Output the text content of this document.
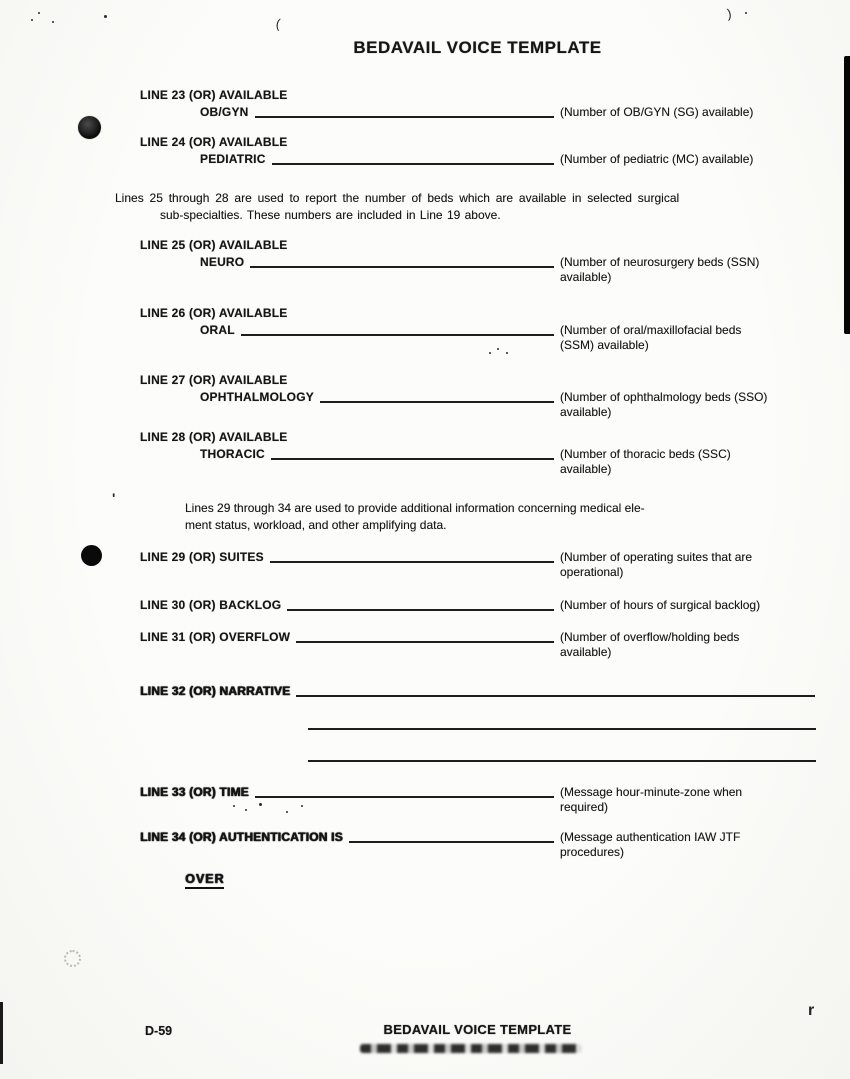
BEDAVAIL VOICE TEMPLATE
LINE 23 (OR) AVAILABLE
OB/GYN	(Number of OB/GYN (SG) available)
LINE 24 (OR) AVAILABLE
PEDIATRIC	(Number of pediatric (MC) available)
Lines 25 through 28 are used to report the number of beds which are available in selected surgical
sub-specialties. These numbers are included in Line 19 above.
LINE 25 (OR) AVAILABLE
NEURO	(Number of neurosurgery beds (SSN)
available)
LINE 26 (OR) AVAILABLE
ORAL	(Number of oral/maxillofacial beds
(SSM) available)
LINE 27 (OR) AVAILABLE
OPHTHALMOLOGY	(Number of ophthalmology beds (SSO)
available)
LINE 28 (OR) AVAILABLE
THORACIC	(Number of thoracic beds (SSC)
available)
Lines 29 through 34 are used to provide additional information concerning medical ele-
ment status, workload, and other amplifying data.
LINE 29 (OR) SUITES	(Number of operating suites that are
operational)
LINE 30 (OR) BACKLOG	(Number of hours of surgical backlog)
LINE 31 (OR) OVERFLOW	(Number of overflow/holding beds
available)
LINE 32 (OR) NARRATIVE
LINE 33 (OR) TIME	(Message hour-minute-zone when
required)
LINE 34 (OR) AUTHENTICATION IS	(Message authentication IAW JTF
procedures)
OVER
D-59	BEDAVAIL VOICE TEMPLATE
(
)
r
'
